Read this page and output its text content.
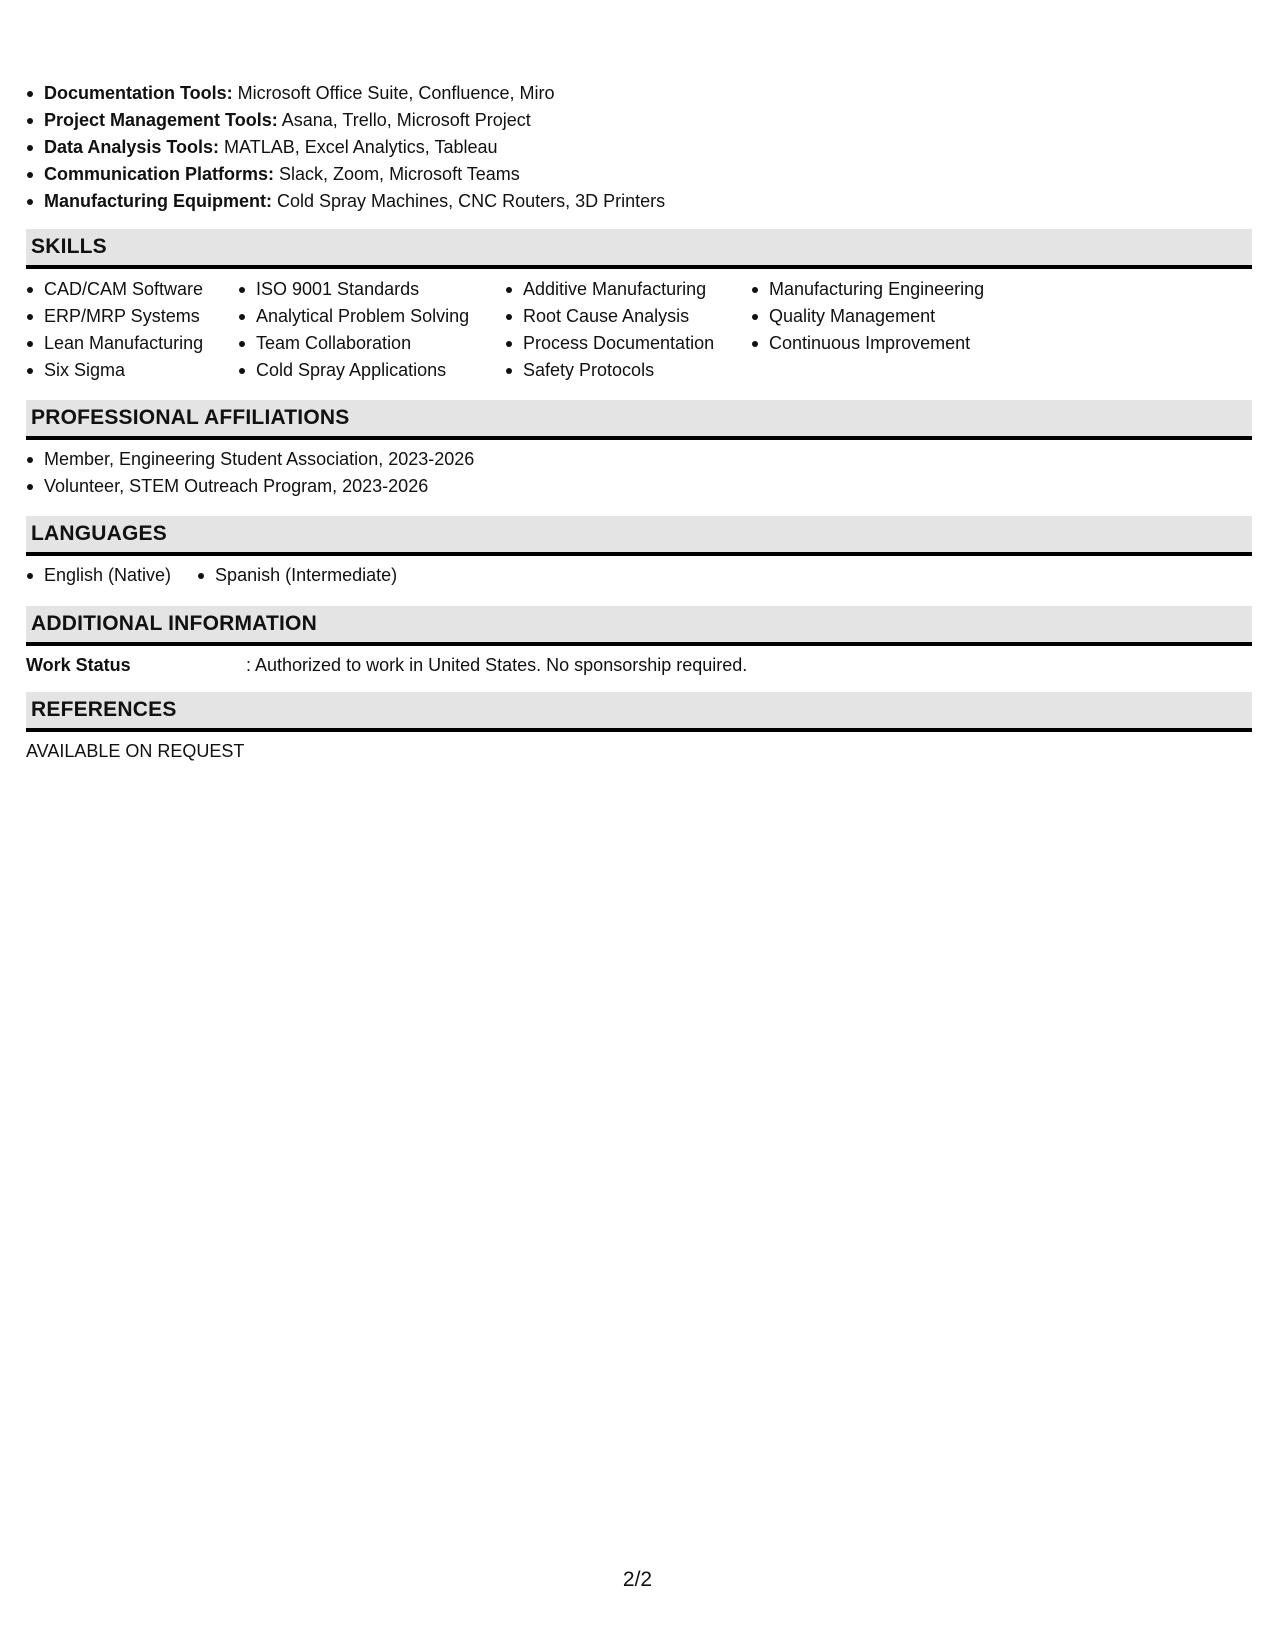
Documentation Tools: Microsoft Office Suite, Confluence, Miro
Project Management Tools: Asana, Trello, Microsoft Project
Data Analysis Tools: MATLAB, Excel Analytics, Tableau
Communication Platforms: Slack, Zoom, Microsoft Teams
Manufacturing Equipment: Cold Spray Machines, CNC Routers, 3D Printers
SKILLS
CAD/CAM Software
ERP/MRP Systems
Lean Manufacturing
Six Sigma
ISO 9001 Standards
Analytical Problem Solving
Team Collaboration
Cold Spray Applications
Additive Manufacturing
Root Cause Analysis
Process Documentation
Safety Protocols
Manufacturing Engineering
Quality Management
Continuous Improvement
PROFESSIONAL AFFILIATIONS
Member, Engineering Student Association, 2023-2026
Volunteer, STEM Outreach Program, 2023-2026
LANGUAGES
English (Native)	Spanish (Intermediate)
ADDITIONAL INFORMATION
Work Status	: Authorized to work in United States. No sponsorship required.
REFERENCES
AVAILABLE ON REQUEST
2/2
